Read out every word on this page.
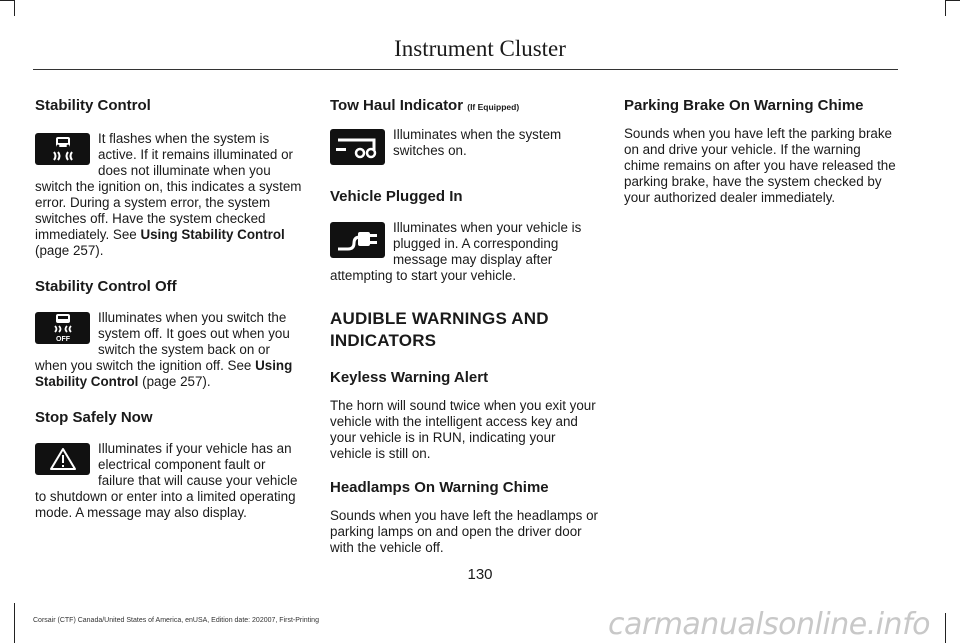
Instrument Cluster
Stability Control

It flashes when the system is active. If it remains illuminated or does not illuminate when you switch the ignition on, this indicates a system error. During a system error, the system switches off. Have the system checked immediately. See Using Stability Control (page 257).

Stability Control Off
OFF

Illuminates when you switch the system off. It goes out when you switch the system back on or when you switch the ignition off. See Using Stability Control (page 257).

Stop Safely Now

Illuminates if your vehicle has an electrical component fault or failure that will cause your vehicle to shutdown or enter into a limited operating mode. A message may also display.

Tow Haul Indicator (If Equipped)

Illuminates when the system switches on.

Vehicle Plugged In

Illuminates when your vehicle is plugged in. A corresponding message may display after attempting to start your vehicle.

AUDIBLE WARNINGS AND
INDICATORS
Keyless Warning Alert

The horn will sound twice when you exit your vehicle with the intelligent access key and your vehicle is in RUN, indicating your vehicle is still on.

Headlamps On Warning Chime

Sounds when you have left the headlamps or parking lamps on and open the driver door with the vehicle off.

Parking Brake On Warning Chime

Sounds when you have left the parking brake on and drive your vehicle. If the warning chime remains on after you have released the parking brake, have the system checked by your authorized dealer immediately.

130
Corsair (CTF) Canada/United States of America, enUSA, Edition date: 202007, First-Printing	carmanualsonline.info
